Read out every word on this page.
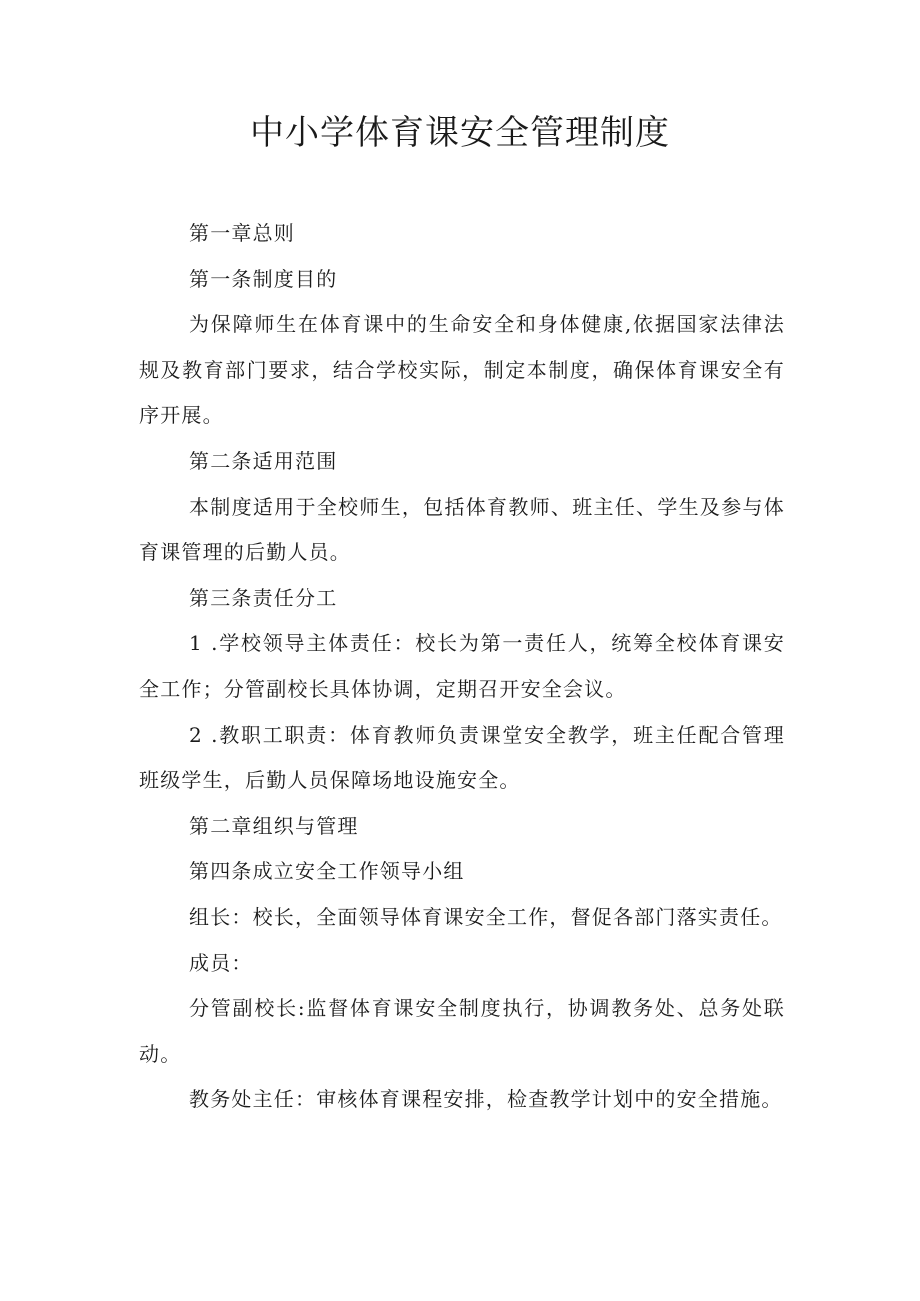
中小学体育课安全管理制度

第一章总则

第一条制度目的

为保障师生在体育课中的生命安全和身体健康,依据国家法律法规及教育部门要求，结合学校实际，制定本制度，确保体育课安全有序开展。

第二条适用范围

本制度适用于全校师生，包括体育教师、班主任、学生及参与体育课管理的后勤人员。

第三条责任分工

1 .学校领导主体责任：校长为第一责任人，统筹全校体育课安全工作；分管副校长具体协调，定期召开安全会议。

2 .教职工职责：体育教师负责课堂安全教学，班主任配合管理班级学生，后勤人员保障场地设施安全。

第二章组织与管理

第四条成立安全工作领导小组

组长：校长，全面领导体育课安全工作，督促各部门落实责任。

成员：

分管副校长:监督体育课安全制度执行，协调教务处、总务处联动。

教务处主任：审核体育课程安排，检查教学计划中的安全措施。
